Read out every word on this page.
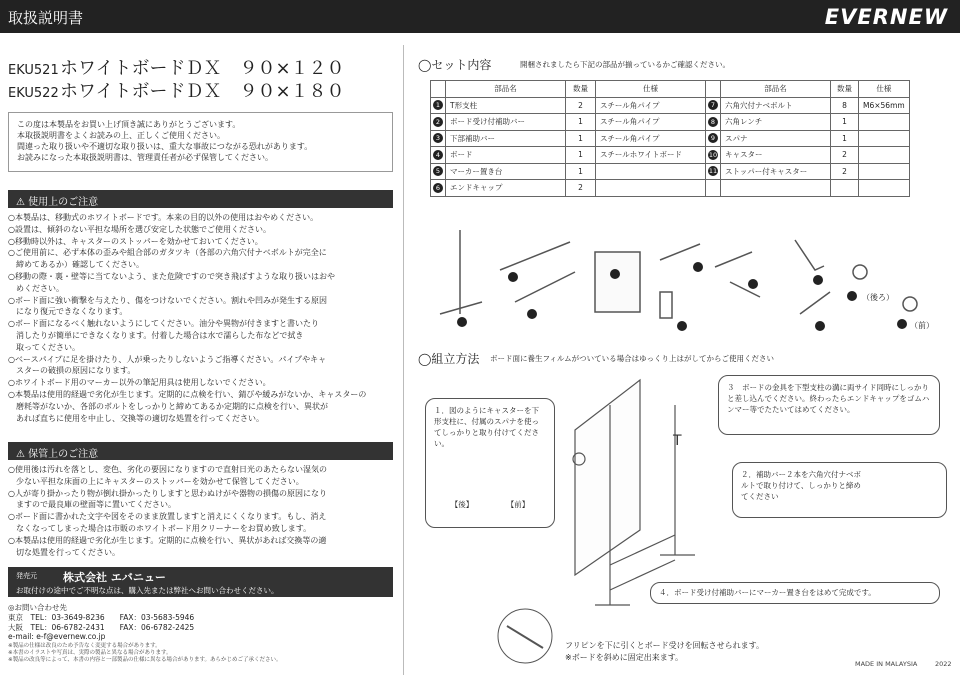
取扱説明書	EVERNEW
EKU521ホワイトボードＤＸ　９０×１２０
EKU522ホワイトボードＤＸ　９０×１８０
この度は本製品をお買い上げ頂き誠にありがとうございます。
本取扱説明書をよくお読みの上、正しくご使用ください。
間違った取り扱いや不適切な取り扱いは、重大な事故につながる恐れがあります。
お読みになった本取扱説明書は、管理責任者が必ず保管してください。
⚠ 使用上のご注意
○本製品は、移動式のホワイトボードです。本来の目的以外の使用はおやめください。
○設置は、傾斜のない平担な場所を選び安定した状態でご使用ください。
○移動時以外は、キャスターのストッパーを効かせておいてください。
○ご使用前に、必ず本体の歪みや組合部のガタツキ（各部の六角穴付ナベボルトが完全に
　締めてあるか）確認してください。
○移動の際・裏・壁等に当てないよう、また危険ですので突き飛ばすような取り扱いはおや
　めください。
○ボード面に強い衝撃を与えたり、傷をつけないでください。割れや凹みが発生する原因
　になり復元できなくなります。
○ボード面になるべく触れないようにしてください。油分や異物が付きますと書いたり
　消したりが簡単にできなくなります。付着した場合は水で濡らした布などで拭き
　取ってください。
○ベースパイプに足を掛けたり、人が乗ったりしないようご指導ください。パイプやキャ
　スターの破損の原因になります。
○ホワイトボード用のマーカー以外の筆記用具は使用しないでください。
○本製品は使用的経過で劣化が生じます。定期的に点検を行い、錆びや緩みがないか、キャスターの
　磨耗等がないか、各部のボルトをしっかりと締めてあるか定期的に点検を行い、異状が
　あれば直ちに使用を中止し、交換等の適切な処置を行ってください。
⚠ 保管上のご注意
○使用後は汚れを落とし、変色、劣化の要因になりますので直射日光のあたらない湿気の
　少ない平担な床面の上にキャスターのストッパーを効かせて保管してください。
○人が寄り掛かったり物が倒れ掛かったりしますと思わぬけがや器物の損傷の原因になり
　ますので最良庫の壁面等に置いてください。
○ボード面に書かれた文字や図をそのまま放置しますと消えにくくなります。もし、消え
　なくなってしまった場合は市販のホワイトボード用クリーナーをお買め致します。
○本製品は使用的経過で劣化が生じます。定期的に点検を行い、異状があれば交換等の適
　切な処置を行ってください。
発売元 株式会社 エバニュー
お取付けの途中でご不明な点は、購入先または弊社へお問い合わせください。
◎お問い合わせ先
東京　TEL：03-3649-8236　　FAX：03-5683-5946
大阪　TEL：06-6782-2431　　FAX：06-6782-2425
e-mail: e-f@evernew.co.jp
※製品の仕様は改良のため予告なく変更する場合があります。
※本書のイラストや写真は、実際の製品と異なる場合があります。
※製品の改良等によって、本書の内容と一部製品の仕様に異なる場合があります。あらかじめご了承ください。
◯セット内容	開梱されましたら下記の部品が揃っているかご確認ください。
	部品名	数量	仕様		部品名	数量	仕様
1	T形支柱	2	スチール角パイプ	7	六角穴付ナベボルト	8	M6×56mm
2	ボード受け付補助バー	1	スチール角パイプ	8	六角レンチ	1	
3	下部補助バー	1	スチール角パイプ	9	スパナ	1	
4	ボード	1	スチールホワイトボード	10	キャスター	2	
5	マーカー置き台	1		11	ストッパー付キャスター	2	
6	エンドキャップ	2					
（後ろ）
（前）
◯組立方法 ボード面に養生フィルムがついている場合はゆっくり上はがしてからご使用ください
１．図のようにキャスターを下形支柱に、付属のスパナを使ってしっかりと取り付けてください。
【後】	【前】
３　ボードの金具を下型支柱の溝に両サイド同時にしっかりと差し込んでください。終わったらエンドキャップをゴムハンマー等でたたいてはめてください。
２．補助バー２本を六角穴付ナベボルトで取り付けて、しっかりと締めてください
４．ボード受け付補助バーにマーカー置き台をはめて完成です。
T
フリピンを下に引くとボード受けを回転させられます。
※ボードを斜めに固定出来ます。
MADE IN MALAYSIA	2022
